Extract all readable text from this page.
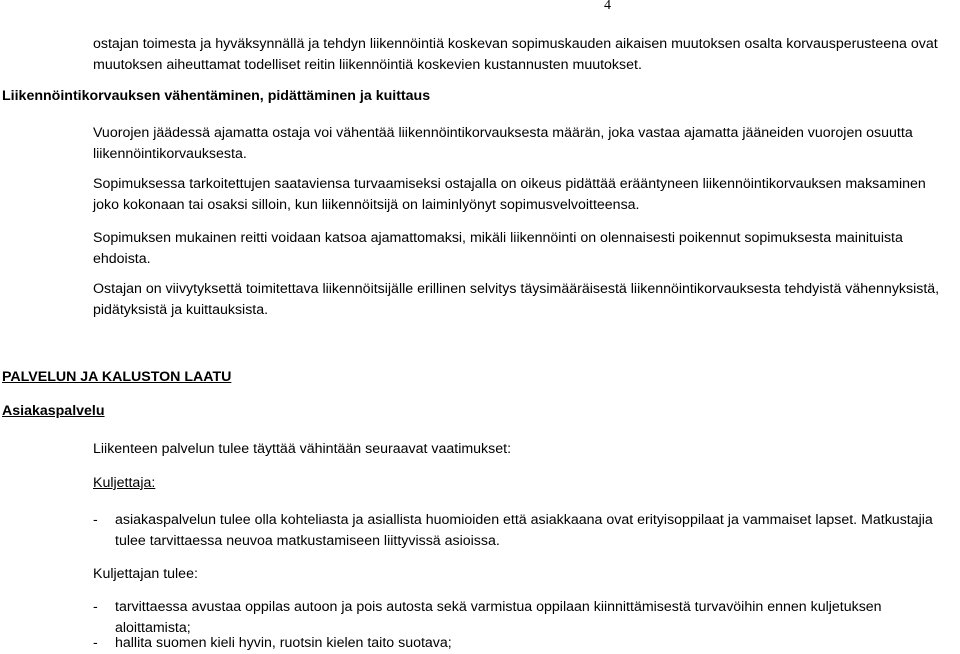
4

ostajan toimesta ja hyväksynnällä ja tehdyn liikennöintiä koskevan sopimuskauden aikaisen muutoksen osalta korvausperusteena ovat muutoksen aiheuttamat todelliset reitin liikennöintiä koskevien kustannusten muutokset.

Liikennöintikorvauksen vähentäminen, pidättäminen ja kuittaus

Vuorojen jäädessä ajamatta ostaja voi vähentää liikennöintikorvauksesta määrän, joka vastaa ajamatta jääneiden vuorojen osuutta liikennöintikorvauksesta.

Sopimuksessa tarkoitettujen saataviensa turvaamiseksi ostajalla on oikeus pidättää erääntyneen liikennöintikorvauksen maksaminen joko kokonaan tai osaksi silloin, kun liikennöitsijä on laiminlyönyt sopimusvelvoitteensa.

Sopimuksen mukainen reitti voidaan katsoa ajamattomaksi, mikäli liikennöinti on olennaisesti poikennut sopimuksesta mainituista ehdoista.

Ostajan on viivytyksettä toimitettava liikennöitsijälle erillinen selvitys täysimääräisestä liikennöintikorvauksesta tehdyistä vähennyksistä, pidätyksistä ja kuittauksista.

PALVELUN JA KALUSTON LAATU

Asiakaspalvelu

Liikenteen palvelun tulee täyttää vähintään seuraavat vaatimukset:

Kuljettaja:

- asiakaspalvelun tulee olla kohteliasta ja asiallista huomioiden että asiakkaana ovat erityisoppilaat ja vammaiset lapset. Matkustajia tulee tarvittaessa neuvoa matkustamiseen liittyvissä asioissa.

Kuljettajan tulee:

- tarvittaessa avustaa oppilas autoon ja pois autosta sekä varmistua oppilaan kiinnittämisestä turvavöihin ennen kuljetuksen aloittamista;
- hallita suomen kieli hyvin, ruotsin kielen taito suotava;
